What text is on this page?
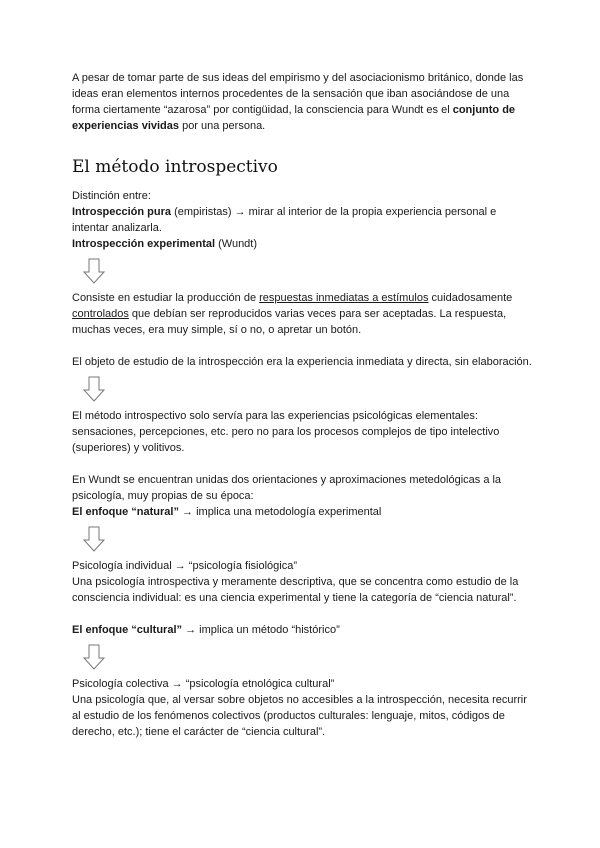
A pesar de tomar parte de sus ideas del empirismo y del asociacionismo británico, donde las ideas eran elementos internos procedentes de la sensación que iban asociándose de una forma ciertamente “azarosa” por contigüidad, la consciencia para Wundt es el conjunto de experiencias vividas por una persona.

El método introspectivo

Distinción entre:
Introspección pura (empiristas) → mirar al interior de la propia experiencia personal e intentar analizarla.
Introspección experimental (Wundt)

Consiste en estudiar la producción de respuestas inmediatas a estímulos cuidadosamente controlados que debían ser reproducidos varias veces para ser aceptadas. La respuesta, muchas veces, era muy simple, sí o no, o apretar un botón.

El objeto de estudio de la introspección era la experiencia inmediata y directa, sin elaboración.

El método introspectivo solo servía para las experiencias psicológicas elementales: sensaciones, percepciones, etc. pero no para los procesos complejos de tipo intelectivo (superiores) y volitivos.

En Wundt se encuentran unidas dos orientaciones y aproximaciones metedológicas a la psicología, muy propias de su época:
El enfoque “natural” → implica una metodología experimental

Psicología individual → “psicología fisiológica”
Una psicología introspectiva y meramente descriptiva, que se concentra como estudio de la consciencia individual: es una ciencia experimental y tiene la categoría de “ciencia natural”.

El enfoque “cultural” → implica un método “histórico”

Psicología colectiva → “psicología etnológica cultural”
Una psicología que, al versar sobre objetos no accesibles a la introspección, necesita recurrir al estudio de los fenómenos colectivos (productos culturales: lenguaje, mitos, códigos de derecho, etc.); tiene el carácter de “ciencia cultural”.
